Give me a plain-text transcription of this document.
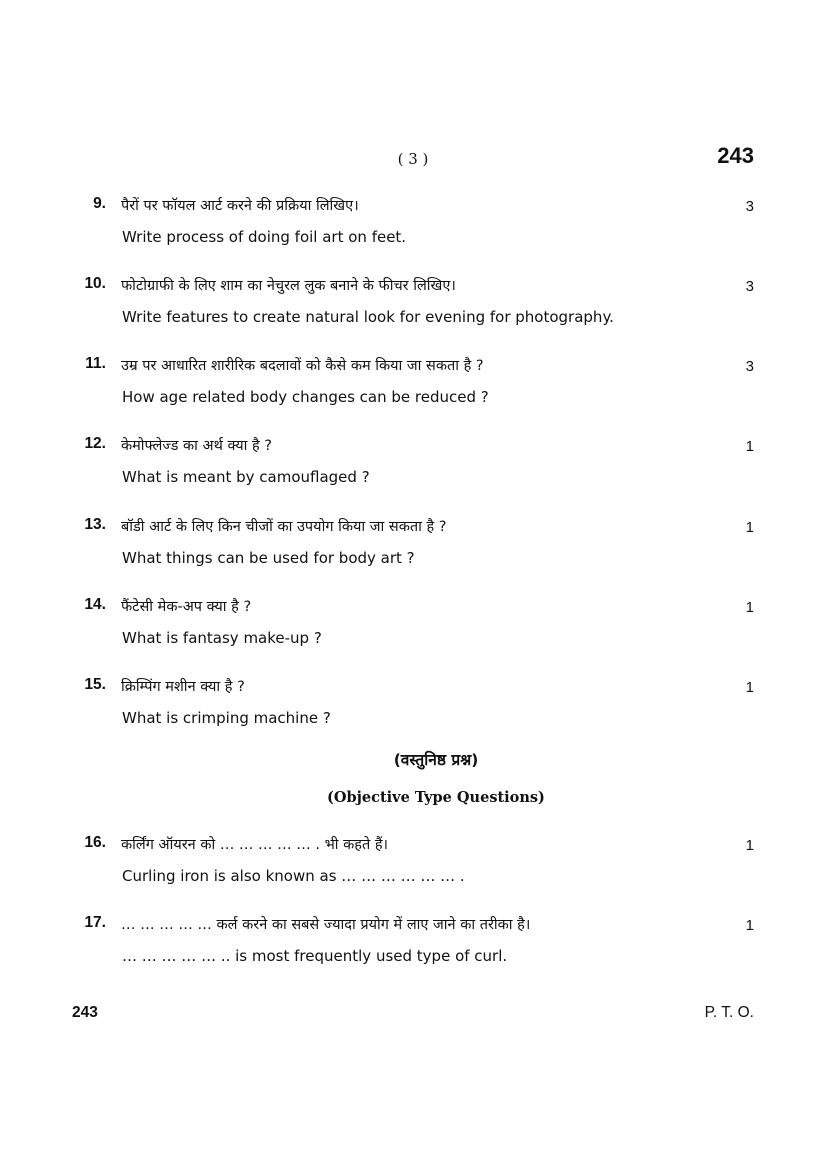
( 3 )	243
9. पैरों पर फॉयल आर्ट करने की प्रक्रिया लिखिए।
Write process of doing foil art on feet.
3
10. फोटोग्राफी के लिए शाम का नेचुरल लुक बनाने के फीचर लिखिए।
Write features to create natural look for evening for photography.
3
11. उम्र पर आधारित शारीरिक बदलावों को कैसे कम किया जा सकता है ?
How age related body changes can be reduced ?
3
12. केमोफ्लेज्ड का अर्थ क्या है ?
What is meant by camouflaged ?
1
13. बॉडी आर्ट के लिए किन चीजों का उपयोग किया जा सकता है ?
What things can be used for body art ?
1
14. फैंटेसी मेक-अप क्या है ?
What is fantasy make-up ?
1
15. क्रिम्पिंग मशीन क्या है ?
What is crimping machine ?
1
(वस्तुनिष्ठ प्रश्न)
(Objective Type Questions)
16. कर्लिंग ऑयरन को … … … … … . भी कहते हैं।
Curling iron is also known as … … … … … … .
1
17. … … … … … कर्ल करने का सबसे ज्यादा प्रयोग में लाए जाने का तरीका है।
… … … … … .. is most frequently used type of curl.
1
243	P. T. O.
